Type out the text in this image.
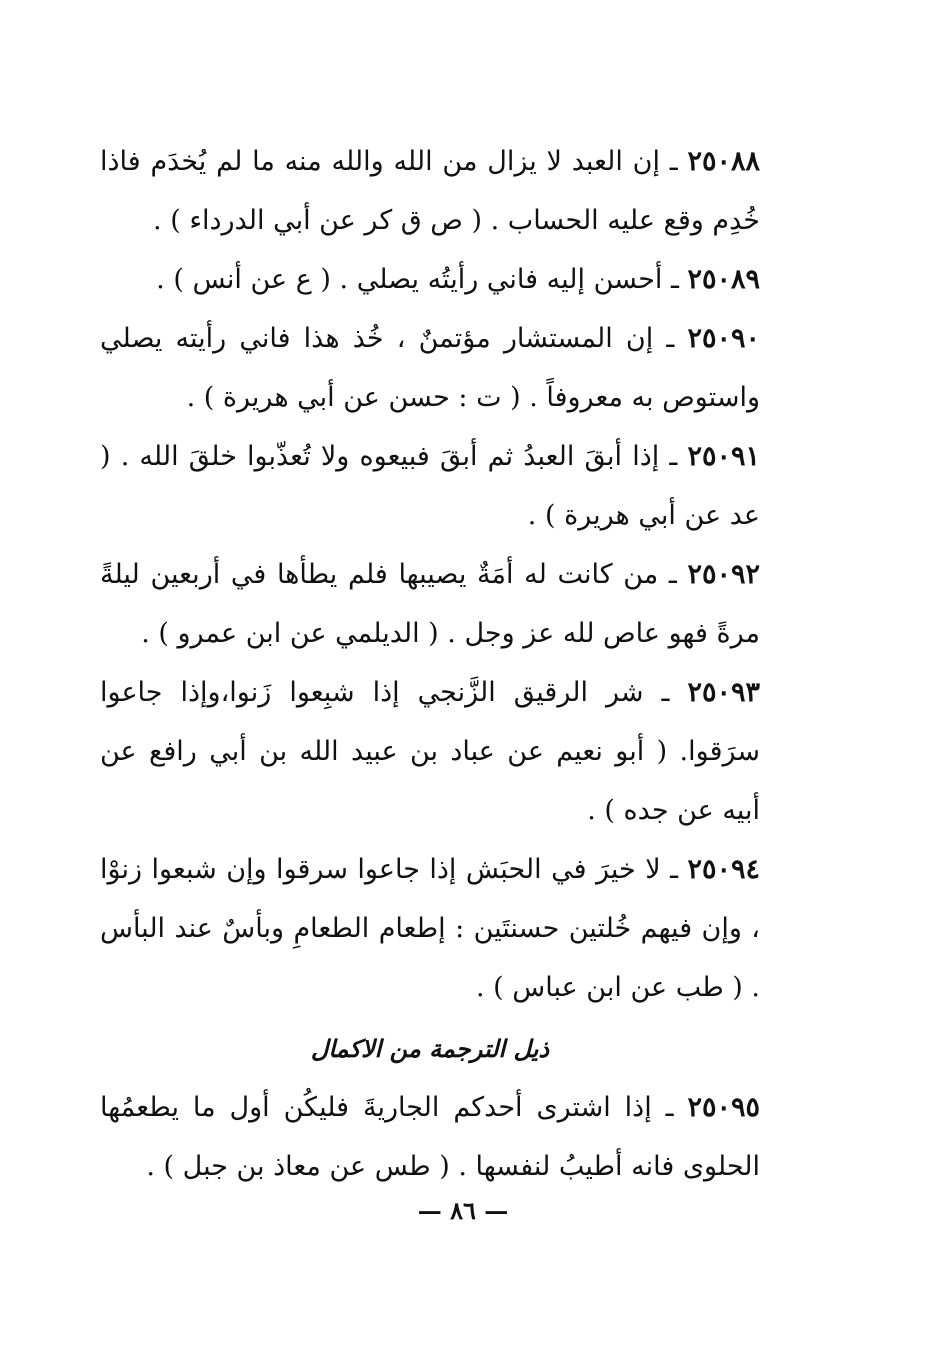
٢٥٠٨٨ ـ إن العبد لا يزال من الله والله منه ما لم يُخدَم فاذا خُدِم وقع عليه الحساب . ( ص ق كر عن أبي الدرداء ) .

٢٥٠٨٩ ـ أحسن إليه فاني رأيتُه يصلي . ( ع عن أنس ) .

٢٥٠٩٠ ـ إن المستشار مؤتمنٌ ، خُذ هذا فاني رأيته يصلي واستوص به معروفاً . ( ت : حسن عن أبي هريرة ) .

٢٥٠٩١ ـ إذا أبقَ العبدُ ثم أبقَ فبيعوه ولا تُعذّبوا خلقَ الله . ( عد عن أبي هريرة ) .

٢٥٠٩٢ ـ من كانت له أمَةٌ يصيبها فلم يطأها في أربعين ليلةً مرةً فهو عاص لله عز وجل . ( الديلمي عن ابن عمرو ) .

٢٥٠٩٣ ـ شر الرقيق الزَّنجي إذا شبِعوا زَنوا،وإذا جاعوا سرَقوا. ( أبو نعيم عن عباد بن عبيد الله بن أبي رافع عن أبيه عن جده ) .

٢٥٠٩٤ ـ لا خيرَ في الحبَش إذا جاعوا سرقوا وإن شبعوا زنوْا ، وإن فيهم خُلتين حسنتَين : إطعام الطعامِ وبأسٌ عند البأس . ( طب عن ابن عباس ) .

ذيل الترجمة من الاكمال

٢٥٠٩٥ ـ إذا اشترى أحدكم الجاريةَ فليكُن أول ما يطعمُها الحلوى فانه أطيبُ لنفسها . ( طس عن معاذ بن جبل ) .

— ٨٦ —
